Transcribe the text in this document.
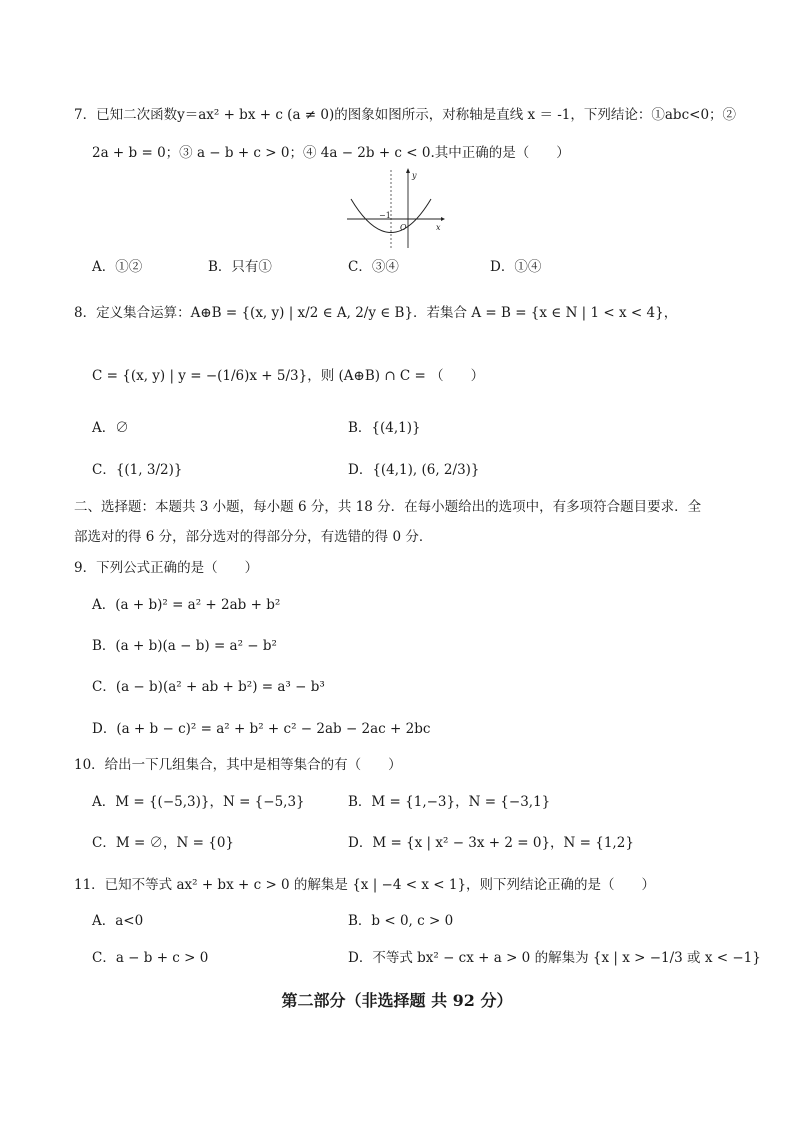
7．已知二次函数y＝ax² + bx + c (a ≠ 0)的图象如图所示，对称轴是直线 x ＝ -1，下列结论：①abc<0；②
2a + b = 0；③ a − b + c > 0；④ 4a − 2b + c < 0.其中正确的是（　　）
y
x
O
−1
A．①②	B．只有①	C．③④	D．①④
8．定义集合运算：A⊕B = {(x, y) | x/2 ∈ A, 2/y ∈ B}．若集合 A = B = {x ∈ N | 1 < x < 4}，
C = {(x, y) | y = −(1/6)x + 5/3}，则 (A⊕B) ∩ C = （　　）
A．∅	B．{(4,1)}
C．{(1, 3/2)}	D．{(4,1), (6, 2/3)}
二、选择题：本题共 3 小题，每小题 6 分，共 18 分．在每小题给出的选项中，有多项符合题目要求．全
部选对的得 6 分，部分选对的得部分分，有选错的得 0 分．
9．下列公式正确的是（　　）
A．(a + b)² = a² + 2ab + b²
B．(a + b)(a − b) = a² − b²
C．(a − b)(a² + ab + b²) = a³ − b³
D．(a + b − c)² = a² + b² + c² − 2ab − 2ac + 2bc
10．给出一下几组集合，其中是相等集合的有（　　）
A．M = {(−5,3)}，N = {−5,3}	B．M = {1,−3}，N = {−3,1}
C．M = ∅，N = {0}	D．M = {x | x² − 3x + 2 = 0}，N = {1,2}
11．已知不等式 ax² + bx + c > 0 的解集是 {x | −4 < x < 1}，则下列结论正确的是（　　）
A．a<0	B．b < 0, c > 0
C．a − b + c > 0	D．不等式 bx² − cx + a > 0 的解集为 {x | x > −1/3 或 x < −1}
第二部分（非选择题 共 92 分）
